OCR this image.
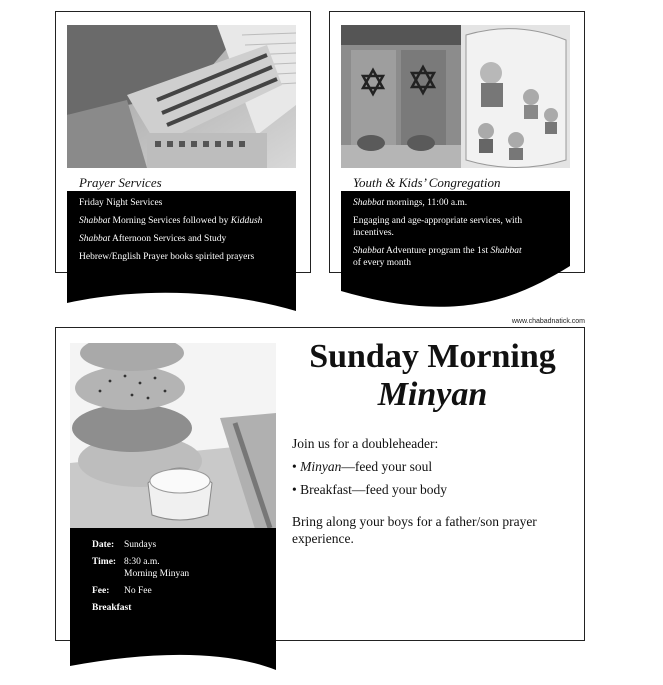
Prayer Services

Friday Night Services

Shabbat Morning Services followed by Kiddush

Shabbat Afternoon Services and Study

Hebrew/English Prayer books spirited prayers

Youth & Kids’ Congregation

Shabbat mornings, 11:00 a.m.

Engaging and age-appropriate services, with incentives.

Shabbat Adventure program the 1st Shabbat of every month

www.chabadnatick.com
Date:	Sundays
Time: 8:30 a.m.
Morning Minyan
Fee:	No Fee
Breakfast
Sunday Morning
Minyan

Join us for a doubleheader:

• Minyan—feed your soul

• Breakfast—feed your body

Bring along your boys for a father/son prayer experience.
